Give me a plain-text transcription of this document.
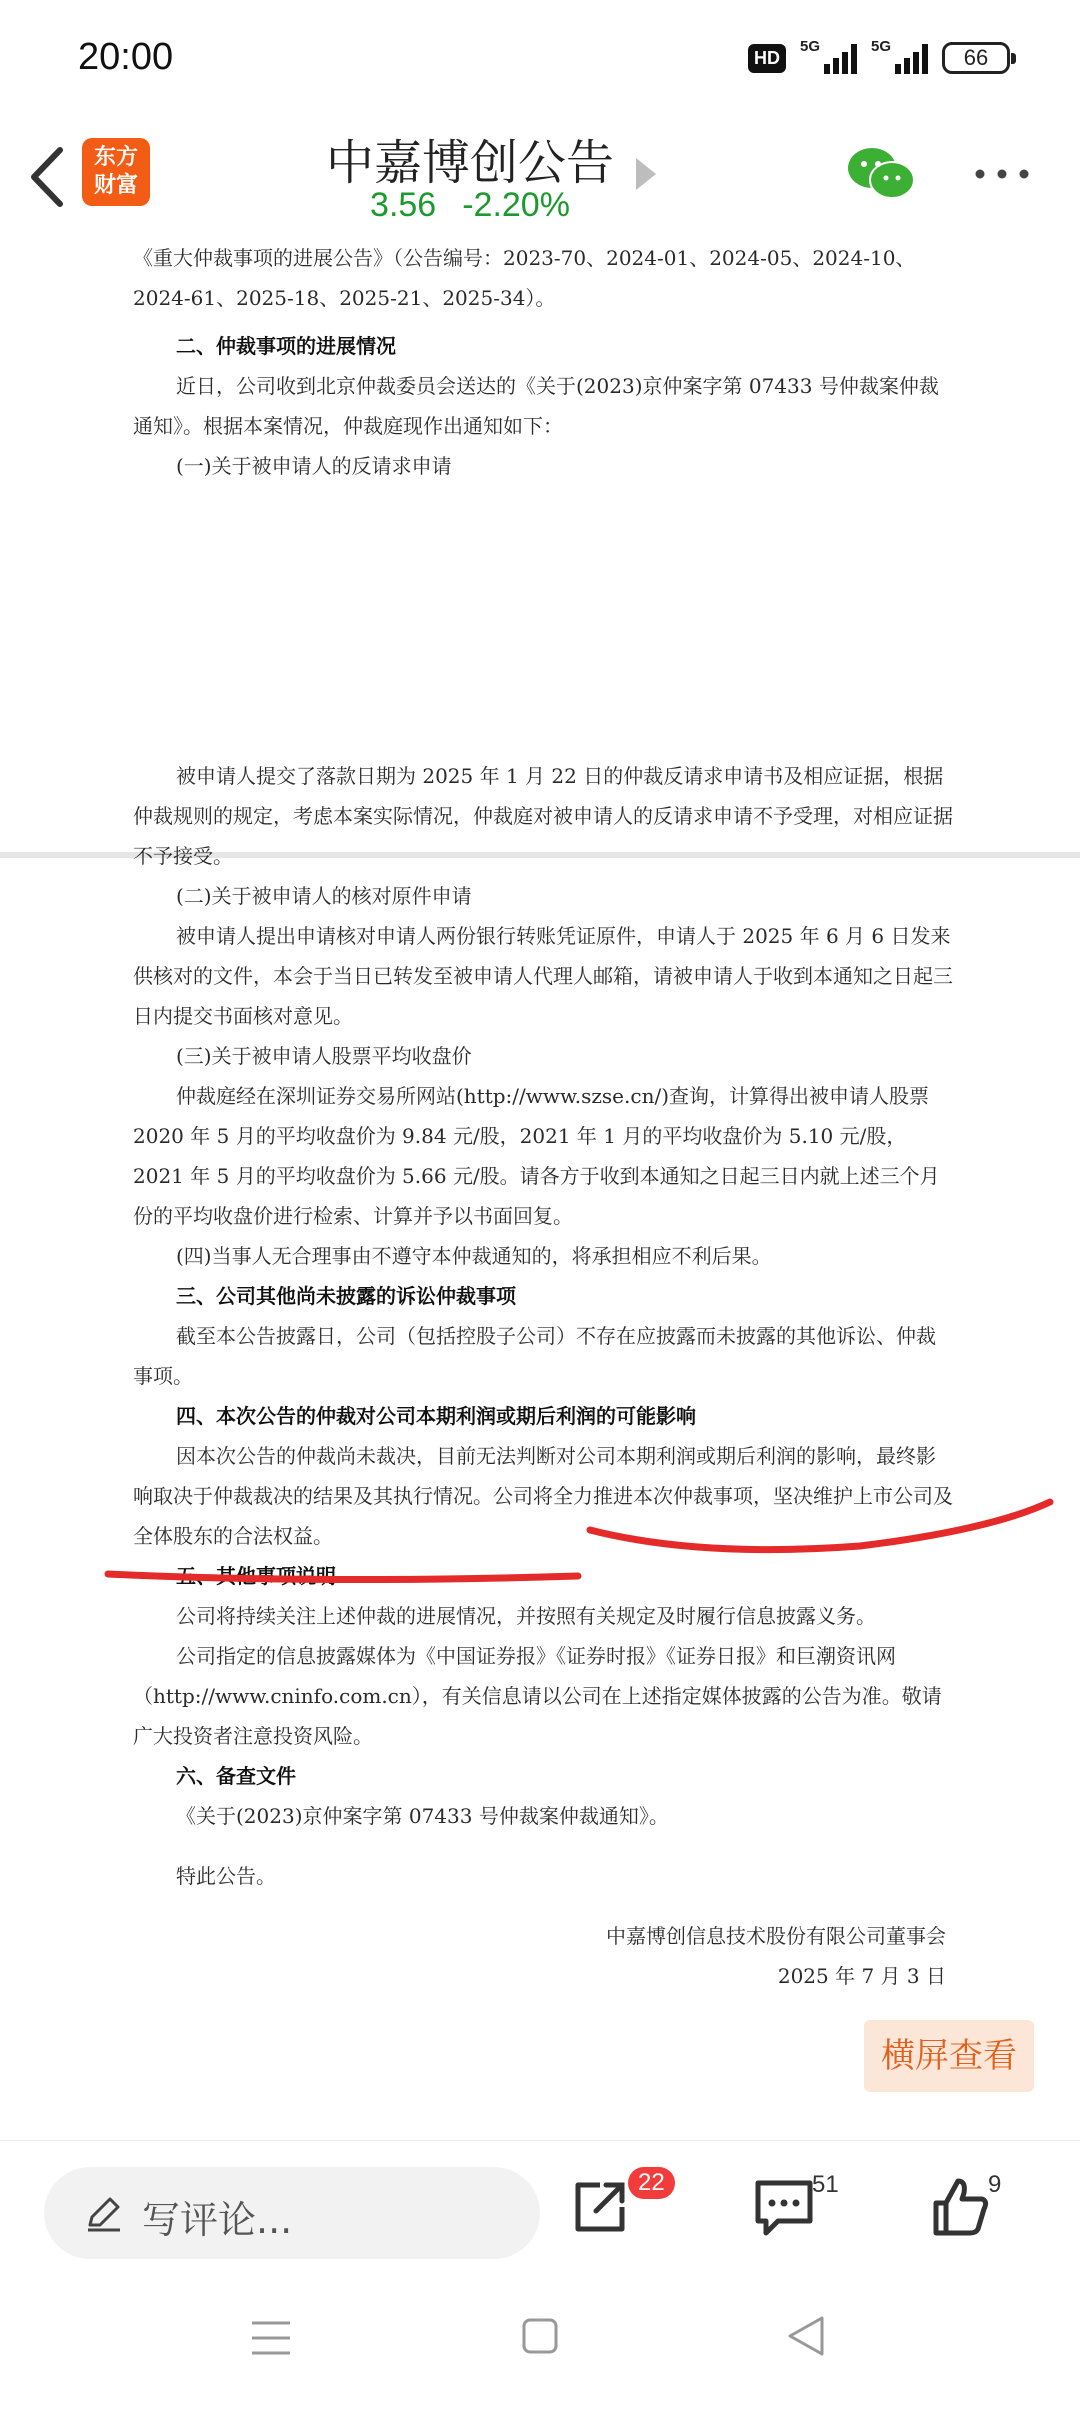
20:00	HD
5G	5G	66
东方
财富	中嘉博创公告
3.56 -2.20%

《重大仲裁事项的进展公告》（公告编号：2023-70、2024-01、2024-05、2024-10、2024-61、2025-18、2025-21、2025-34）。

二、仲裁事项的进展情况

近日，公司收到北京仲裁委员会送达的《关于(2023)京仲案字第 07433 号仲裁案仲裁通知》。根据本案情况，仲裁庭现作出通知如下：

(一)关于被申请人的反请求申请

被申请人提交了落款日期为 2025 年 1 月 22 日的仲裁反请求申请书及相应证据，根据仲裁规则的规定，考虑本案实际情况，仲裁庭对被申请人的反请求申请不予受理，对相应证据不予接受。

(二)关于被申请人的核对原件申请

被申请人提出申请核对申请人两份银行转账凭证原件，申请人于 2025 年 6 月 6 日发来供核对的文件，本会于当日已转发至被申请人代理人邮箱，请被申请人于收到本通知之日起三日内提交书面核对意见。

(三)关于被申请人股票平均收盘价

仲裁庭经在深圳证券交易所网站(http://www.szse.cn/)查询，计算得出被申请人股票 2020 年 5 月的平均收盘价为 9.84 元/股，2021 年 1 月的平均收盘价为 5.10 元/股，2021 年 5 月的平均收盘价为 5.66 元/股。请各方于收到本通知之日起三日内就上述三个月份的平均收盘价进行检索、计算并予以书面回复。

(四)当事人无合理事由不遵守本仲裁通知的，将承担相应不利后果。

三、公司其他尚未披露的诉讼仲裁事项

截至本公告披露日，公司（包括控股子公司）不存在应披露而未披露的其他诉讼、仲裁事项。

四、本次公告的仲裁对公司本期利润或期后利润的可能影响

因本次公告的仲裁尚未裁决，目前无法判断对公司本期利润或期后利润的影响，最终影响取决于仲裁裁决的结果及其执行情况。公司将全力推进本次仲裁事项，坚决维护上市公司及全体股东的合法权益。

五、其他事项说明

公司将持续关注上述仲裁的进展情况，并按照有关规定及时履行信息披露义务。

公司指定的信息披露媒体为《中国证券报》《证券时报》《证券日报》和巨潮资讯网（http://www.cninfo.com.cn），有关信息请以公司在上述指定媒体披露的公告为准。敬请广大投资者注意投资风险。

六、备查文件

《关于(2023)京仲案字第 07433 号仲裁案仲裁通知》。

特此公告。

中嘉博创信息技术股份有限公司董事会

2025 年 7 月 3 日

横屏查看
写评论...
22	51	9
